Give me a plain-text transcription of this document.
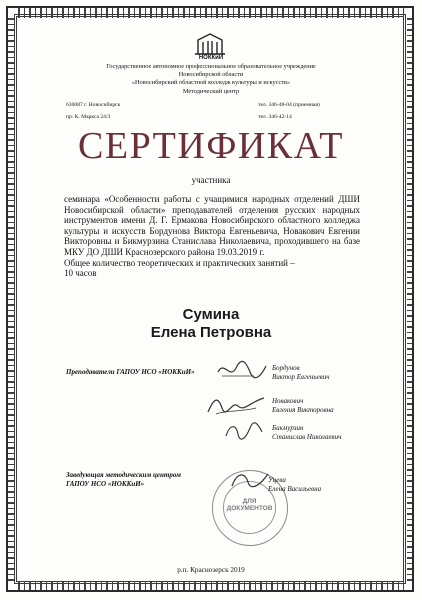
НОККиИ
Государственное автономное профессиональное образовательное учреждение
Новосибирской области
«Новосибирский областной колледж культуры и искусств»
Методический центр
630087 г. Новосибирск
пр. К. Маркса 24/3
тел. 346-48-04 (приемная)
тел. 346-42-14
СЕРТИФИКАТ
участника

семинара «Особенности работы с учащимися народных отделений ДШИ Новосибирской области» преподавателей отделения русских народных инструментов имени Д. Г. Ермакова Новосибирского областного колледжа культуры и искусств Бордунова Виктора Евгеньевича, Новакович Евгении Викторовны и Бикмурзина Станислава Николаевича, проходившего на базе МКУ ДО ДШИ Краснозерского района 19.03.2019 г.

Общее количество теоретических и практических занятий –

10 часов

Сумина
Елена Петровна
Преподаватели ГАПОУ НСО «НОККиИ»	Бордунов
Виктор Евгеньевич
Новакович
Евгения Викторовна
Бикмурзин
Станислав Николаевич
Заведующая методическим центром
ГАПОУ НСО «НОККиИ»
ДЛЯ
ДОКУМЕНТОВ
Уцева
Елена Васильевна
р.п. Краснозерск 2019
